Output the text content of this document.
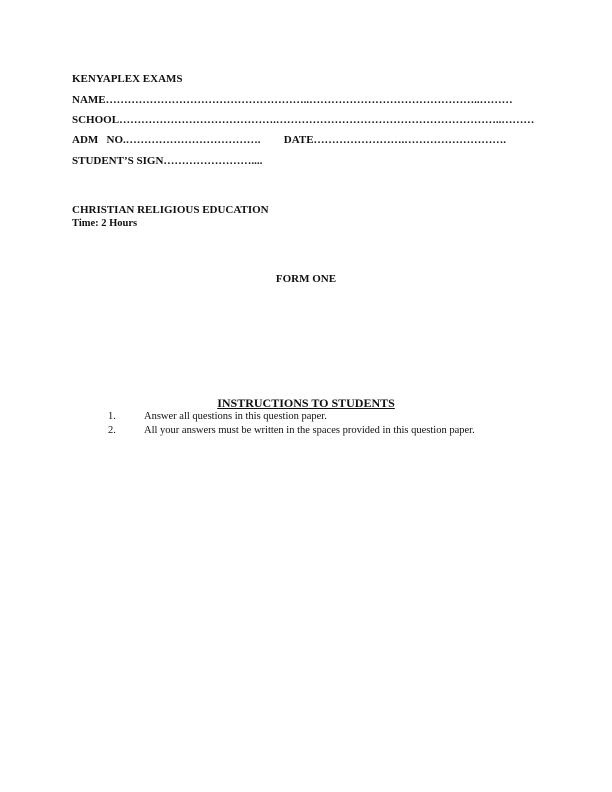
KENYAPLEX EXAMS
NAME ………………………………………………..………………………………………..………
SCHOOL …………………………………….……………………………………………………..………
ADM   NO. ……………………………….	DATE …………………….……………………….
STUDENT’S SIGN ……………………....
CHRISTIAN RELIGIOUS EDUCATION
Time: 2 Hours
FORM ONE
INSTRUCTIONS TO STUDENTS
1.	Answer all questions in this question paper.
2.	All your answers must be written in the spaces provided in this question paper.
